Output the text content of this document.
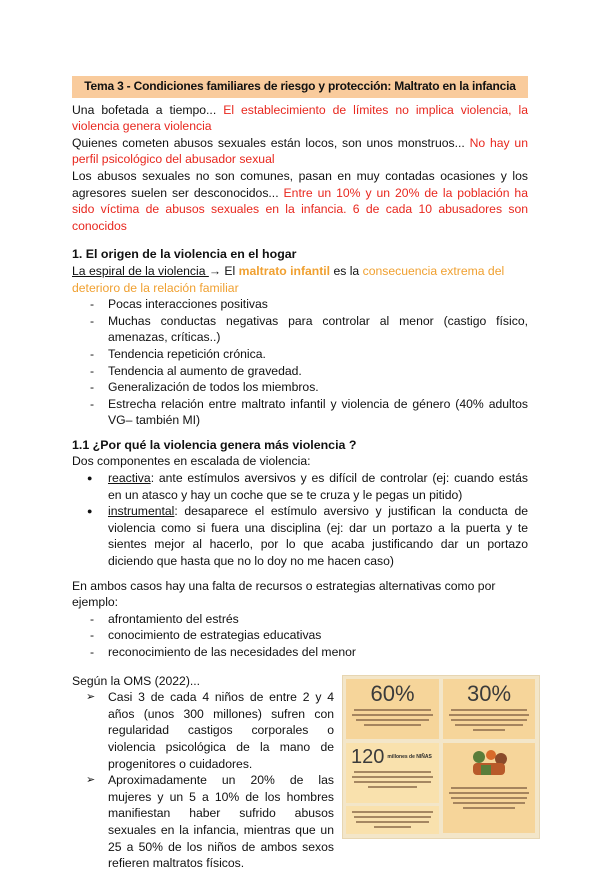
Tema 3 - Condiciones familiares de riesgo y protección: Maltrato en la infancia

Una bofetada a tiempo... El establecimiento de límites no implica violencia, la violencia genera violencia

Quienes cometen abusos sexuales están locos, son unos monstruos... No hay un perfil psicológico del abusador sexual

Los abusos sexuales no son comunes, pasan en muy contadas ocasiones y los agresores suelen ser desconocidos... Entre un 10% y un 20% de la población ha sido víctima de abusos sexuales en la infancia. 6 de cada 10 abusadores son conocidos

1. El origen de la violencia en el hogar

La espiral de la violencia → El maltrato infantil es la consecuencia extrema del deterioro de la relación familiar

- Pocas interacciones positivas
- Muchas conductas negativas para controlar al menor (castigo físico, amenazas, críticas..)
- Tendencia repetición crónica.
- Tendencia al aumento de gravedad.
- Generalización de todos los miembros.
- Estrecha relación entre maltrato infantil y violencia de género (40% adultos VG– también MI)
1.1 ¿Por qué la violencia genera más violencia ?

Dos componentes en escalada de violencia:

● reactiva: ante estímulos aversivos y es difícil de controlar (ej: cuando estás en un atasco y hay un coche que se te cruza y le pegas un pitido)
● instrumental: desaparece el estímulo aversivo y justifican la conducta de violencia como si fuera una disciplina (ej: dar un portazo a la puerta y te sientes mejor al hacerlo, por lo que acaba justificando dar un portazo diciendo que hasta que no lo doy no me hacen caso)

En ambos casos hay una falta de recursos o estrategias alternativas como por ejemplo:

- afrontamiento del estrés
- conocimiento de estrategias educativas
- reconocimiento de las necesidades del menor

Según la OMS (2022)...

➢ Casi 3 de cada 4 niños de entre 2 y 4 años (unos 300 millones) sufren con regularidad castigos corporales o violencia psicológica de la mano de progenitores o cuidadores.
➢ Aproximadamente un 20% de las mujeres y un 5 a 10% de los hombres manifiestan haber sufrido abusos sexuales en la infancia, mientras que un 25 a 50% de los niños de ambos sexos refieren maltratos físicos.
60%	30%
120 millones de NIÑAS
